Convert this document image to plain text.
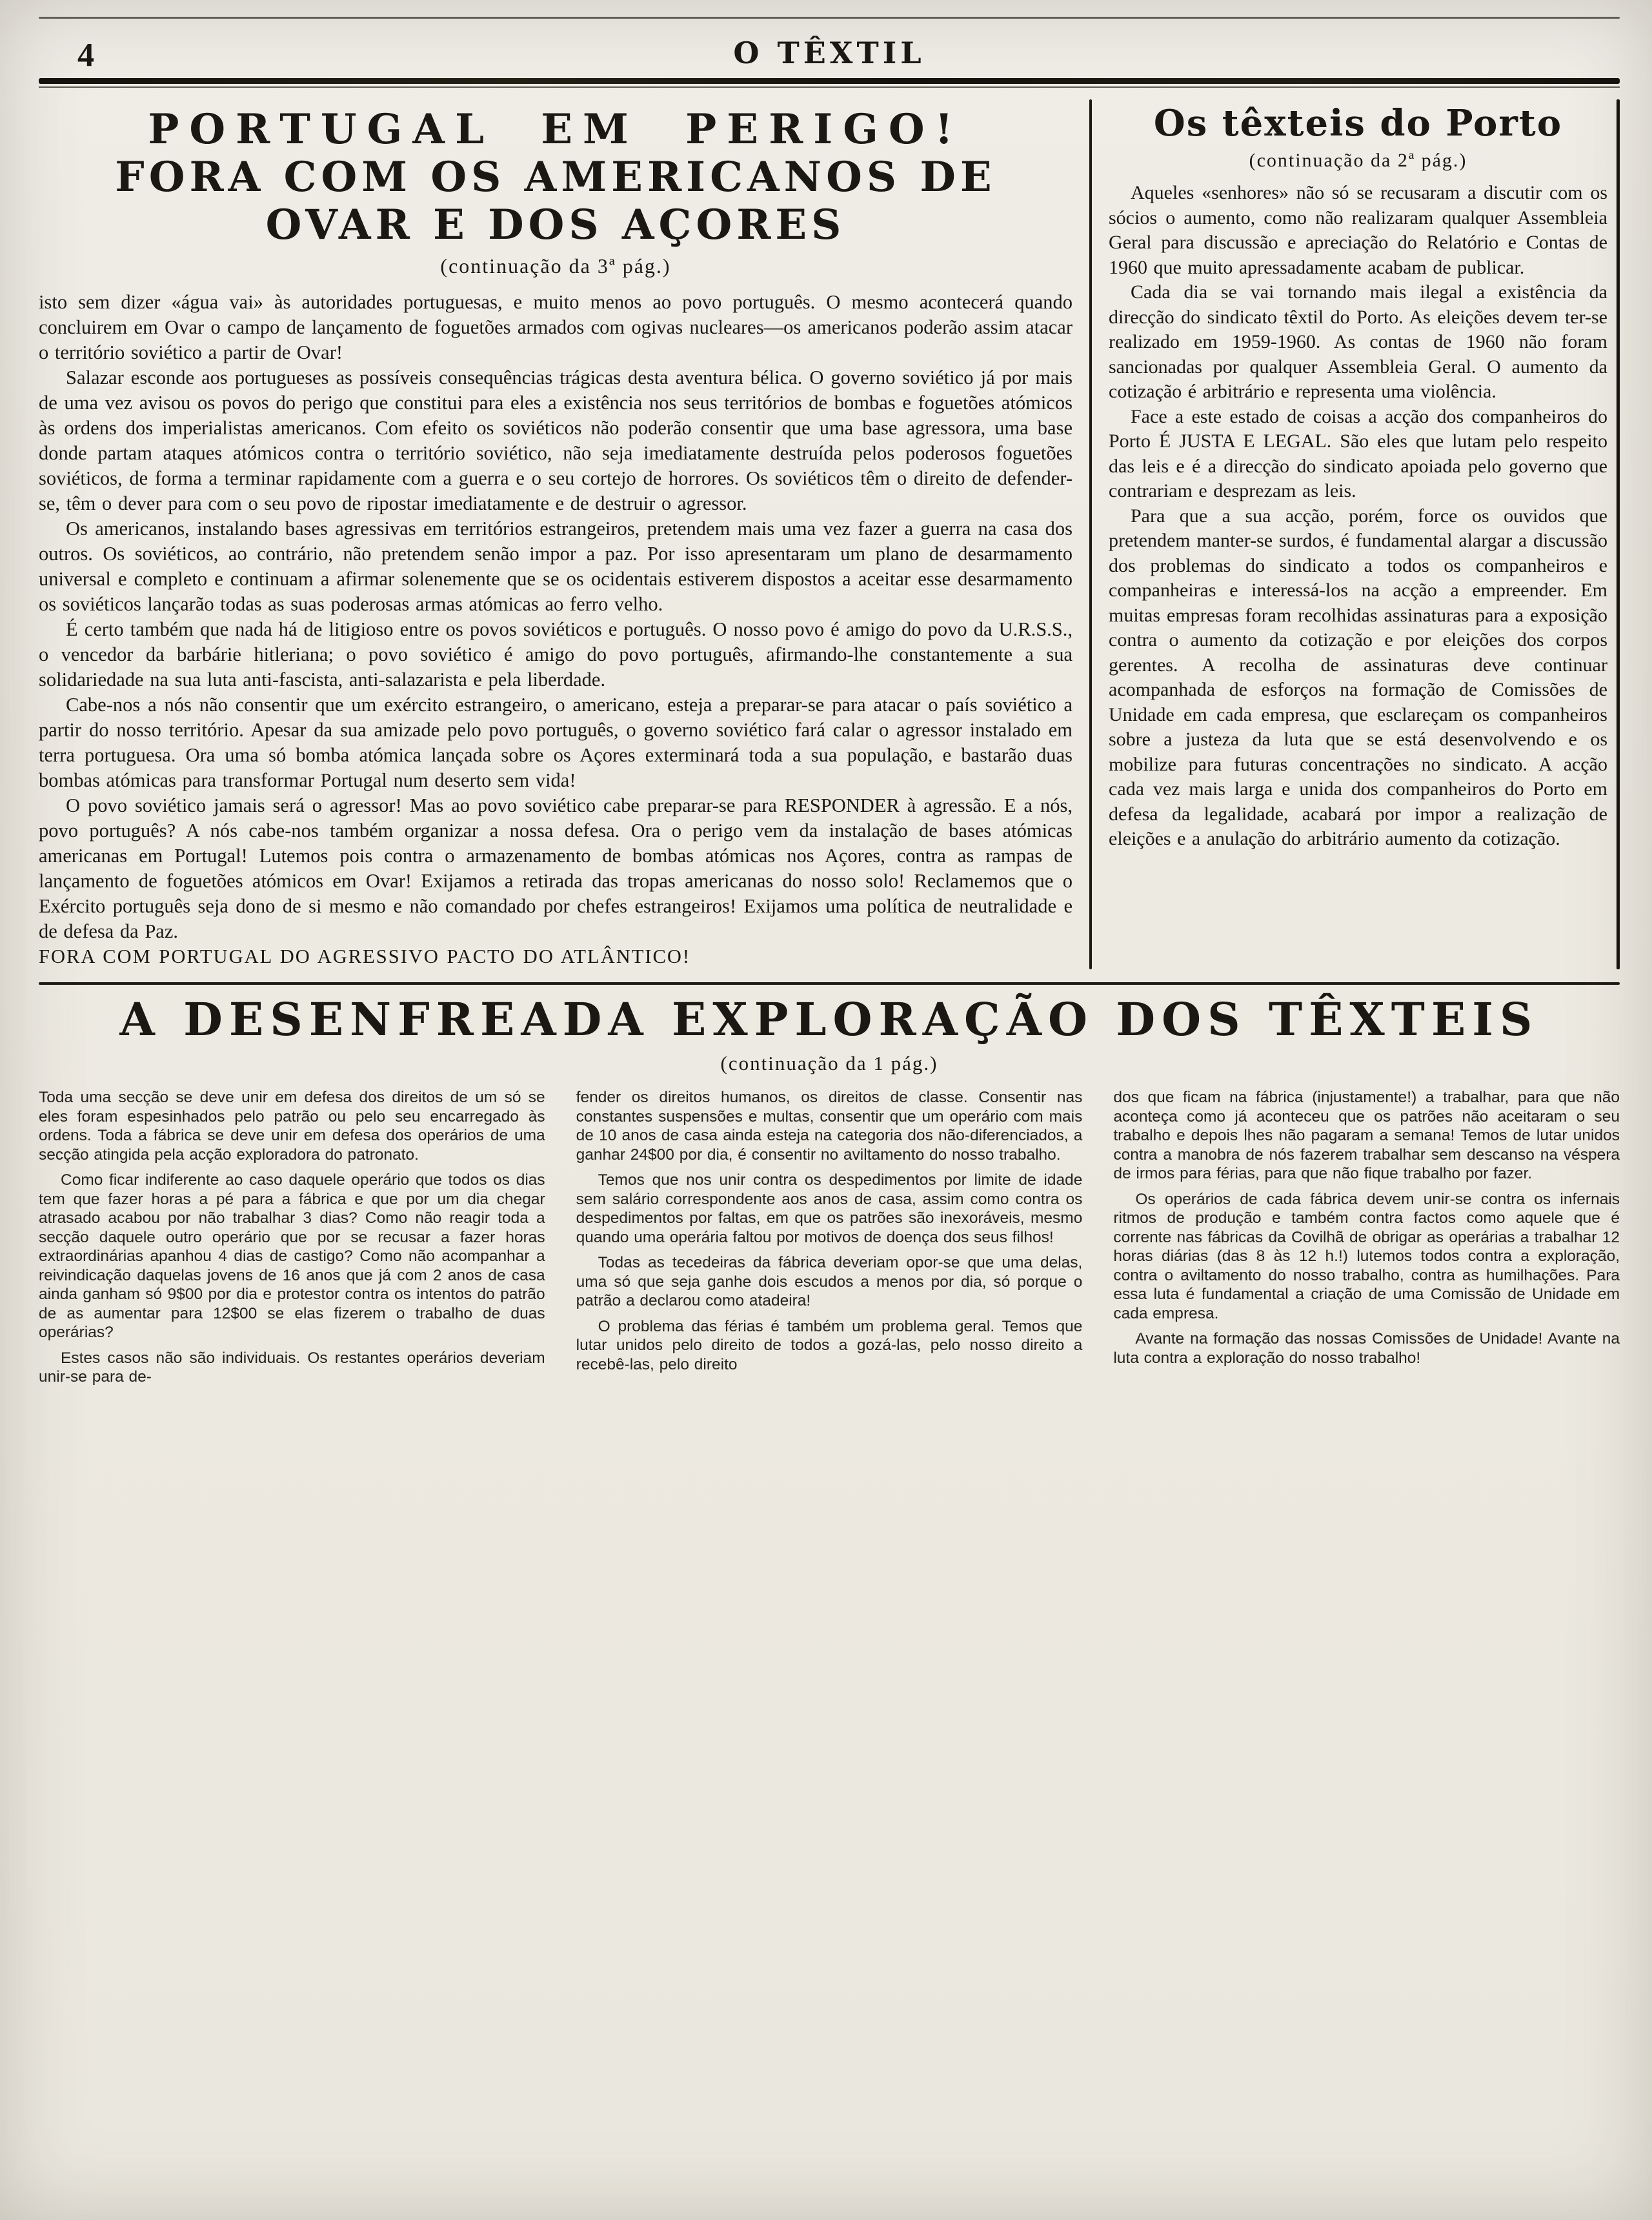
4	O TÊXTIL
PORTUGAL EM PERIGO!
FORA COM OS AMERICANOS DE
OVAR E DOS AÇORES

(continuação da 3ª pág.)

isto sem dizer «água vai» às autoridades portuguesas, e muito menos ao povo português. O mesmo acontecerá quando concluirem em Ovar o campo de lançamento de foguetões armados com ogivas nucleares—os americanos poderão assim atacar o território soviético a partir de Ovar!

Salazar esconde aos portugueses as possíveis consequências trágicas desta aventura bélica. O governo soviético já por mais de uma vez avisou os povos do perigo que constitui para eles a existência nos seus territórios de bombas e foguetões atómicos às ordens dos imperialistas americanos. Com efeito os soviéticos não poderão consentir que uma base agressora, uma base donde partam ataques atómicos contra o território soviético, não seja imediatamente destruída pelos poderosos foguetões soviéticos, de forma a terminar rapidamente com a guerra e o seu cortejo de horrores. Os soviéticos têm o direito de defender-se, têm o dever para com o seu povo de ripostar imediatamente e de destruir o agressor.

Os americanos, instalando bases agressivas em territórios estrangeiros, pretendem mais uma vez fazer a guerra na casa dos outros. Os soviéticos, ao contrário, não pretendem senão impor a paz. Por isso apresentaram um plano de desarmamento universal e completo e continuam a afirmar solenemente que se os ocidentais estiverem dispostos a aceitar esse desarmamento os soviéticos lançarão todas as suas poderosas armas atómicas ao ferro velho.

É certo também que nada há de litigioso entre os povos soviéticos e português. O nosso povo é amigo do povo da U.R.S.S., o vencedor da barbárie hitleriana; o povo soviético é amigo do povo português, afirmando-lhe constantemente a sua solidariedade na sua luta anti-fascista, anti-salazarista e pela liberdade.

Cabe-nos a nós não consentir que um exército estrangeiro, o americano, esteja a preparar-se para atacar o país soviético a partir do nosso território. Apesar da sua amizade pelo povo português, o governo soviético fará calar o agressor instalado em terra portuguesa. Ora uma só bomba atómica lançada sobre os Açores exterminará toda a sua população, e bastarão duas bombas atómicas para transformar Portugal num deserto sem vida!

O povo soviético jamais será o agressor! Mas ao povo soviético cabe preparar-se para RESPONDER à agressão. E a nós, povo português? A nós cabe-nos também organizar a nossa defesa. Ora o perigo vem da instalação de bases atómicas americanas em Portugal! Lutemos pois contra o armazenamento de bombas atómicas nos Açores, contra as rampas de lançamento de foguetões atómicos em Ovar! Exijamos a retirada das tropas americanas do nosso solo! Reclamemos que o Exército português seja dono de si mesmo e não comandado por chefes estrangeiros! Exijamos uma política de neutralidade e de defesa da Paz.

FORA COM PORTUGAL DO AGRESSIVO PACTO DO ATLÂNTICO!

Os têxteis do Porto

(continuação da 2ª pág.)

Aqueles «senhores» não só se recusaram a discutir com os sócios o aumento, como não realizaram qualquer Assembleia Geral para discussão e apreciação do Relatório e Contas de 1960 que muito apressadamente acabam de publicar.

Cada dia se vai tornando mais ilegal a existência da direcção do sindicato têxtil do Porto. As eleições devem ter-se realizado em 1959-1960. As contas de 1960 não foram sancionadas por qualquer Assembleia Geral. O aumento da cotização é arbitrário e representa uma violência.

Face a este estado de coisas a acção dos companheiros do Porto É JUSTA E LEGAL. São eles que lutam pelo respeito das leis e é a direcção do sindicato apoiada pelo governo que contrariam e desprezam as leis.

Para que a sua acção, porém, force os ouvidos que pretendem manter-se surdos, é fundamental alargar a discussão dos problemas do sindicato a todos os companheiros e companheiras e interessá-los na acção a empreender. Em muitas empresas foram recolhidas assinaturas para a exposição contra o aumento da cotização e por eleições dos corpos gerentes. A recolha de assinaturas deve continuar acompanhada de esforços na formação de Comissões de Unidade em cada empresa, que esclareçam os companheiros sobre a justeza da luta que se está desenvolvendo e os mobilize para futuras concentrações no sindicato. A acção cada vez mais larga e unida dos companheiros do Porto em defesa da legalidade, acabará por impor a realização de eleições e a anulação do arbitrário aumento da cotização.

A DESENFREADA EXPLORAÇÃO DOS TÊXTEIS

(continuação da 1 pág.)

Toda uma secção se deve unir em defesa dos direitos de um só se eles foram espesinhados pelo patrão ou pelo seu encarregado às ordens. Toda a fábrica se deve unir em defesa dos operários de uma secção atingida pela acção exploradora do patronato.

Como ficar indiferente ao caso daquele operário que todos os dias tem que fazer horas a pé para a fábrica e que por um dia chegar atrasado acabou por não trabalhar 3 dias? Como não reagir toda a secção daquele outro operário que por se recusar a fazer horas extraordinárias apanhou 4 dias de castigo? Como não acompanhar a reivindicação daquelas jovens de 16 anos que já com 2 anos de casa ainda ganham só 9$00 por dia e protestor contra os intentos do patrão de as aumentar para 12$00 se elas fizerem o trabalho de duas operárias?

Estes casos não são individuais. Os restantes operários deveriam unir-se para de-

fender os direitos humanos, os direitos de classe. Consentir nas constantes suspensões e multas, consentir que um operário com mais de 10 anos de casa ainda esteja na categoria dos não-diferenciados, a ganhar 24$00 por dia, é consentir no aviltamento do nosso trabalho.

Temos que nos unir contra os despedimentos por limite de idade sem salário correspondente aos anos de casa, assim como contra os despedimentos por faltas, em que os patrões são inexoráveis, mesmo quando uma operária faltou por motivos de doença dos seus filhos!

Todas as tecedeiras da fábrica deveriam opor-se que uma delas, uma só que seja ganhe dois escudos a menos por dia, só porque o patrão a declarou como atadeira!

O problema das férias é também um problema geral. Temos que lutar unidos pelo direito de todos a gozá-las, pelo nosso direito a recebê-las, pelo direito

dos que ficam na fábrica (injustamente!) a trabalhar, para que não aconteça como já aconteceu que os patrões não aceitaram o seu trabalho e depois lhes não pagaram a semana! Temos de lutar unidos contra a manobra de nós fazerem trabalhar sem descanso na véspera de irmos para férias, para que não fique trabalho por fazer.

Os operários de cada fábrica devem unir-se contra os infernais ritmos de produção e também contra factos como aquele que é corrente nas fábricas da Covilhã de obrigar as operárias a trabalhar 12 horas diárias (das 8 às 12 h.!) lutemos todos contra a exploração, contra o aviltamento do nosso trabalho, contra as humilhações. Para essa luta é fundamental a criação de uma Comissão de Unidade em cada empresa.

Avante na formação das nossas Comissões de Unidade! Avante na luta contra a exploração do nosso trabalho!
